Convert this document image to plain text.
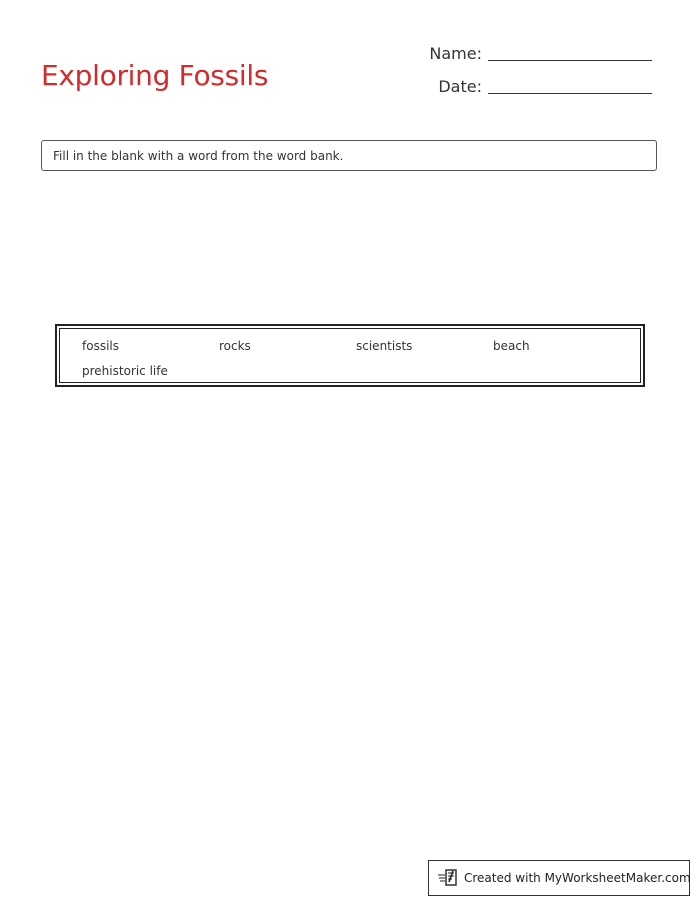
Exploring Fossils
Name:
Date:
Fill in the blank with a word from the word bank.
fossils	rocks	scientists	beach
prehistoric life
Created with MyWorksheetMaker.com
